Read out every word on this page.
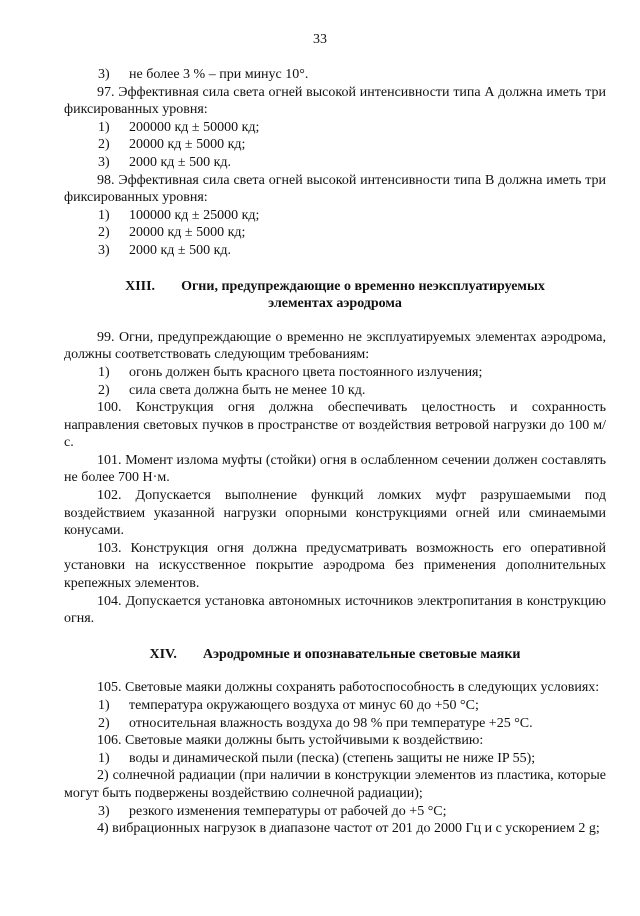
33
3) не более 3 % – при минус 10°.

97. Эффективная сила света огней высокой интенсивности типа А должна иметь три фиксированных уровня:

1) 200000 кд ± 50000 кд;
2) 20000 кд ± 5000 кд;
3) 2000 кд ± 500 кд.

98. Эффективная сила света огней высокой интенсивности типа В должна иметь три фиксированных уровня:

1) 100000 кд ± 25000 кд;
2) 20000 кд ± 5000 кд;
3) 2000 кд ± 500 кд.
XIII. Огни, предупреждающие о временно неэксплуатируемых
элементах аэродрома

99. Огни, предупреждающие о временно не эксплуатируемых элементах аэродрома, должны соответствовать следующим требованиям:

1) огонь должен быть красного цвета постоянного излучения;
2) сила света должна быть не менее 10 кд.

100. Конструкция огня должна обеспечивать целостность и сохранность направления световых пучков в пространстве от воздействия ветровой нагрузки до 100 м/с.

101. Момент излома муфты (стойки) огня в ослабленном сечении должен составлять не более 700 Н·м.

102. Допускается выполнение функций ломких муфт разрушаемыми под воздействием указанной нагрузки опорными конструкциями огней или сминаемыми конусами.

103. Конструкция огня должна предусматривать возможность его оперативной установки на искусственное покрытие аэродрома без применения дополнительных крепежных элементов.

104. Допускается установка автономных источников электропитания в конструкцию огня.

XIV. Аэродромные и опознавательные световые маяки

105. Световые маяки должны сохранять работоспособность в следующих условиях:

1) температура окружающего воздуха от минус 60 до +50 °С;
2) относительная влажность воздуха до 98 % при температуре +25 °С.

106. Световые маяки должны быть устойчивыми к воздействию:

1) воды и динамической пыли (песка) (степень защиты не ниже IP 55);

2) солнечной радиации (при наличии в конструкции элементов из пластика, которые могут быть подвержены воздействию солнечной радиации);

3) резкого изменения температуры от рабочей до +5 °С;

4) вибрационных нагрузок в диапазоне частот от 201 до 2000 Гц и с ускорением 2 g;
